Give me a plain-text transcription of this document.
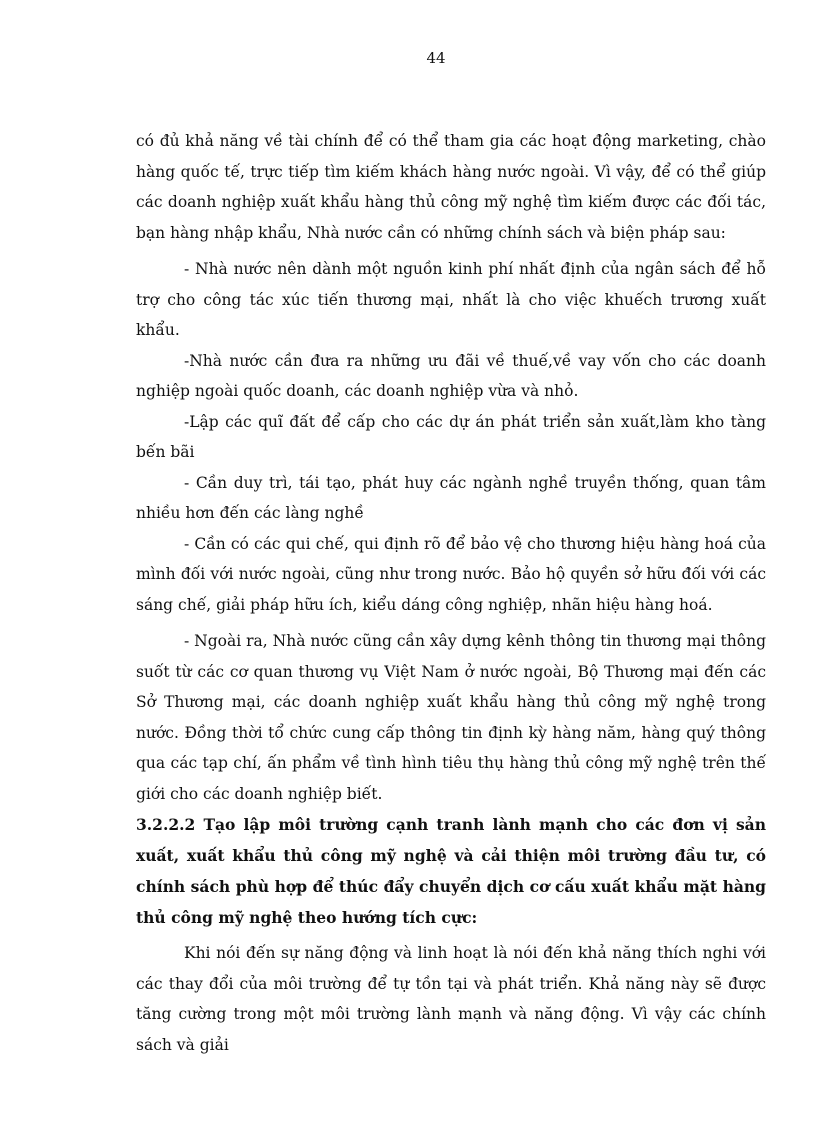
44

có đủ khả năng về tài chính để có thể tham gia các hoạt động marketing, chào hàng quốc tế, trực tiếp tìm kiếm khách hàng nước ngoài. Vì vậy, để có thể giúp các doanh nghiệp xuất khẩu hàng thủ công mỹ nghệ tìm kiếm được các đối tác, bạn hàng nhập khẩu, Nhà nước cần có những chính sách và biện pháp sau:

- Nhà nước nên dành một nguồn kinh phí nhất định của ngân sách để hỗ trợ cho công tác xúc tiến thương mại, nhất là cho việc khuếch trương xuất khẩu.

-Nhà nước cần đưa ra những ưu đãi về thuế,về vay vốn cho các doanh nghiệp ngoài quốc doanh, các doanh nghiệp vừa và nhỏ.

-Lập các quĩ đất để cấp cho các dự án phát triển sản xuất,làm kho tàng bến bãi

- Cần duy trì, tái tạo, phát huy các ngành nghề truyền thống, quan tâm nhiều hơn đến các làng nghề

- Cần có các qui chế, qui định rõ để bảo vệ cho thương hiệu hàng hoá của mình đối với nước ngoài, cũng như trong nước. Bảo hộ quyền sở hữu đối với các sáng chế, giải pháp hữu ích, kiểu dáng công nghiệp, nhãn hiệu hàng hoá.

- Ngoài ra, Nhà nước cũng cần xây dựng kênh thông tin thương mại thông suốt từ các cơ quan thương vụ Việt Nam ở nước ngoài, Bộ Thương mại đến các Sở Thương mại, các doanh nghiệp xuất khẩu hàng thủ công mỹ nghệ trong nước. Đồng thời tổ chức cung cấp thông tin định kỳ hàng năm, hàng quý thông qua các tạp chí, ấn phẩm về tình hình tiêu thụ hàng thủ công mỹ nghệ trên thế giới cho các doanh nghiệp biết.

3.2.2.2 Tạo lập môi trường cạnh tranh lành mạnh cho các đơn vị sản xuất, xuất khẩu thủ công mỹ nghệ và cải thiện môi trường đầu tư, có chính sách phù hợp để thúc đẩy chuyển dịch cơ cấu xuất khẩu mặt hàng thủ công mỹ nghệ theo hướng tích cực:

Khi nói đến sự năng động và linh hoạt là nói đến khả năng thích nghi với các thay đổi của môi trường để tự tồn tại và phát triển. Khả năng này sẽ được tăng cường trong một môi trường lành mạnh và năng động. Vì vậy các chính sách và giải
